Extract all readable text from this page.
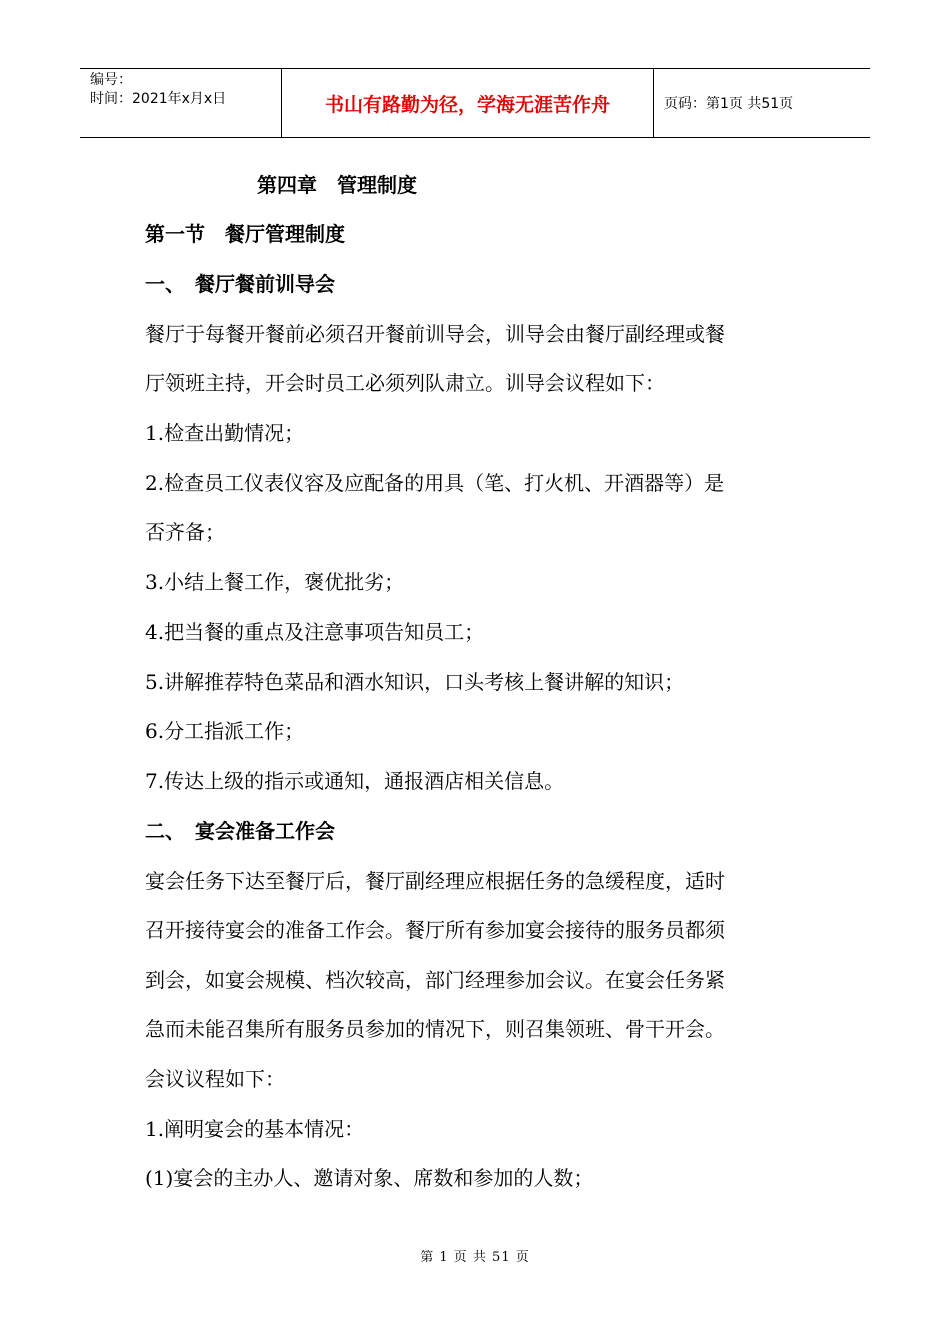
编号：
时间：2021年x月x日	书山有路勤为径，学海无涯苦作舟	页码：第1页 共51页
第四章　管理制度
第一节　餐厅管理制度
一、　餐厅餐前训导会
餐厅于每餐开餐前必须召开餐前训导会，训导会由餐厅副经理或餐
厅领班主持，开会时员工必须列队肃立。训导会议程如下：
1.检查出勤情况；
2.检查员工仪表仪容及应配备的用具（笔、打火机、开酒器等）是
否齐备；
3.小结上餐工作，褒优批劣；
4.把当餐的重点及注意事项告知员工；
5.讲解推荐特色菜品和酒水知识，口头考核上餐讲解的知识；
6.分工指派工作；
7.传达上级的指示或通知，通报酒店相关信息。
二、　宴会准备工作会
宴会任务下达至餐厅后，餐厅副经理应根据任务的急缓程度，适时
召开接待宴会的准备工作会。餐厅所有参加宴会接待的服务员都须
到会，如宴会规模、档次较高，部门经理参加会议。在宴会任务紧
急而未能召集所有服务员参加的情况下，则召集领班、骨干开会。
会议议程如下：
1.阐明宴会的基本情况：
(1)宴会的主办人、邀请对象、席数和参加的人数；
第 1 页 共 51 页
